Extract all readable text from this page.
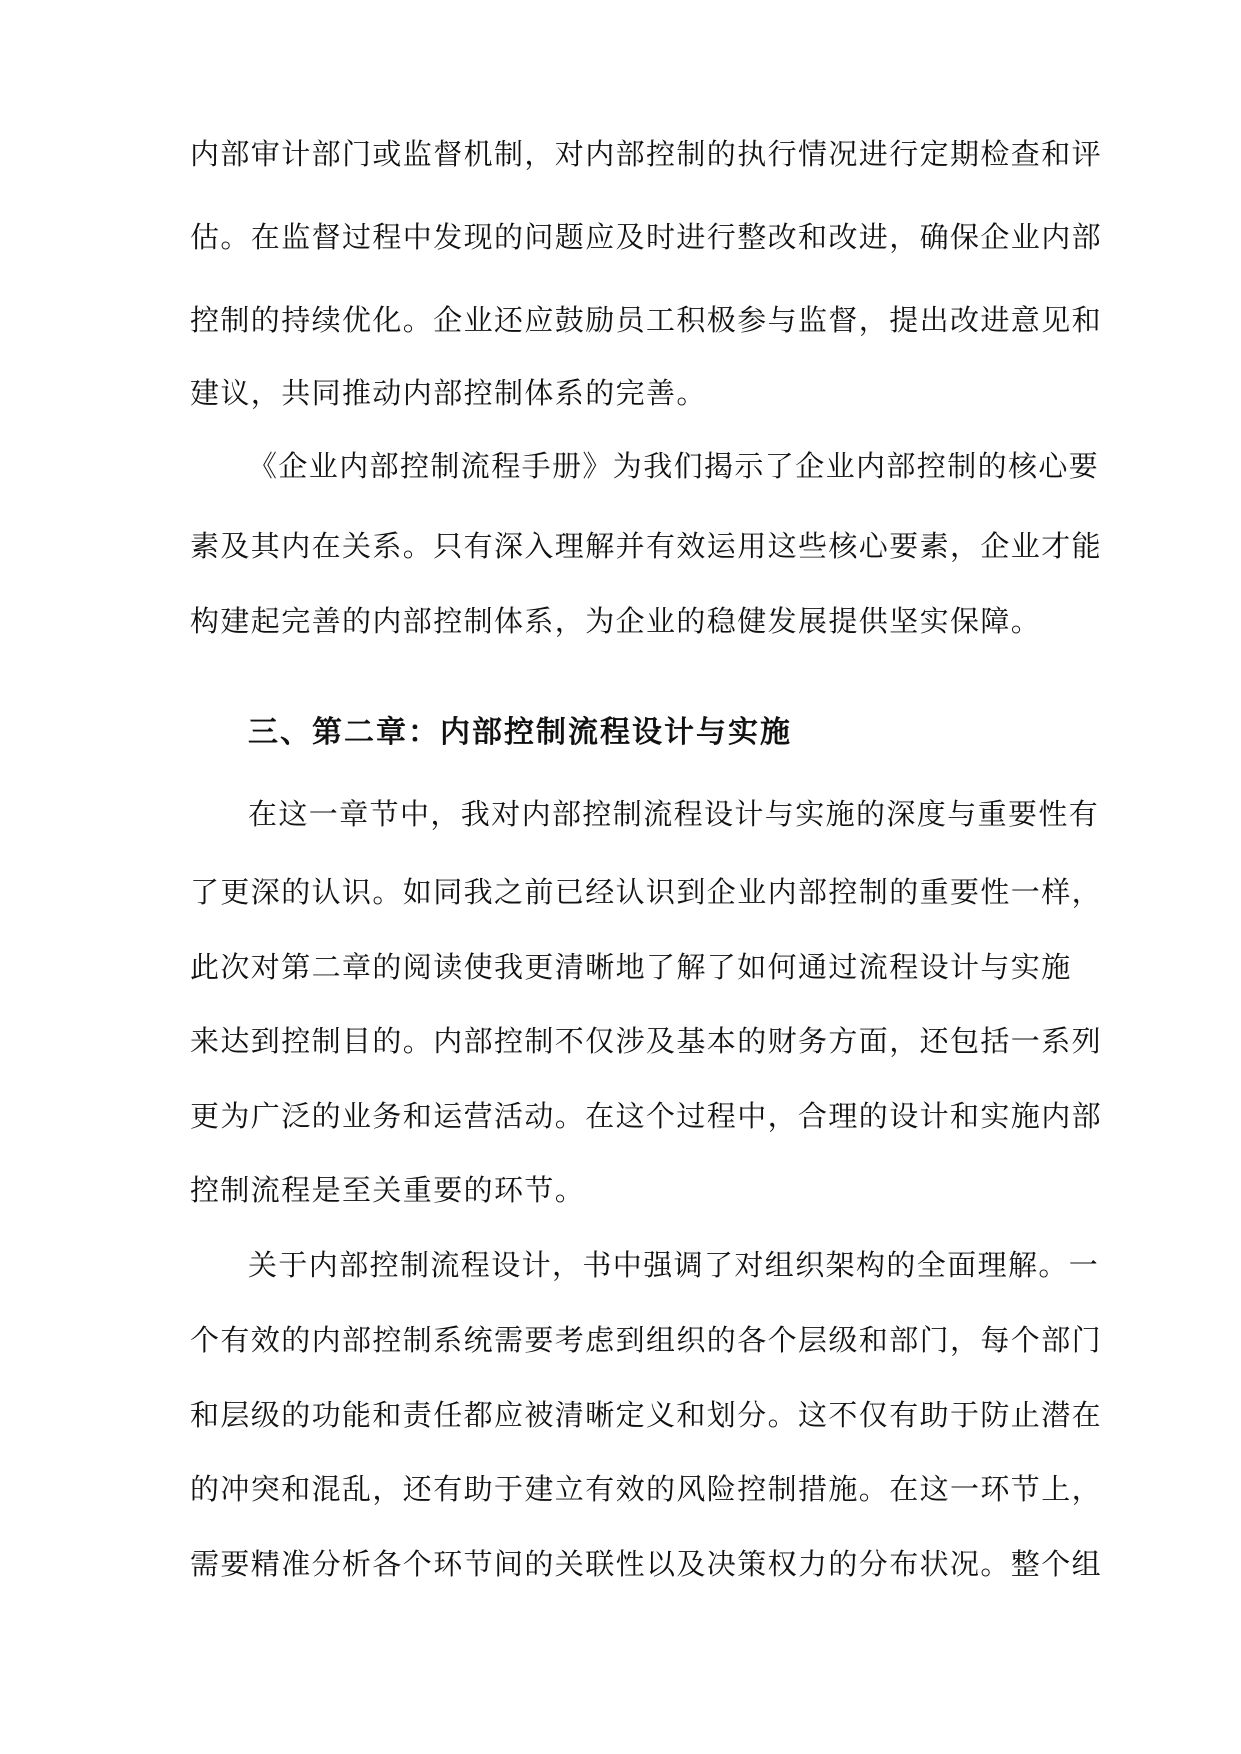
内部审计部门或监督机制，对内部控制的执行情况进行定期检查和评
估。在监督过程中发现的问题应及时进行整改和改进，确保企业内部
控制的持续优化。企业还应鼓励员工积极参与监督，提出改进意见和
建议，共同推动内部控制体系的完善。
《企业内部控制流程手册》为我们揭示了企业内部控制的核心要
素及其内在关系。只有深入理解并有效运用这些核心要素，企业才能
构建起完善的内部控制体系，为企业的稳健发展提供坚实保障。
三、第二章：内部控制流程设计与实施
在这一章节中，我对内部控制流程设计与实施的深度与重要性有
了更深的认识。如同我之前已经认识到企业内部控制的重要性一样，
此次对第二章的阅读使我更清晰地了解了如何通过流程设计与实施
来达到控制目的。内部控制不仅涉及基本的财务方面，还包括一系列
更为广泛的业务和运营活动。在这个过程中，合理的设计和实施内部
控制流程是至关重要的环节。
关于内部控制流程设计，书中强调了对组织架构的全面理解。一
个有效的内部控制系统需要考虑到组织的各个层级和部门，每个部门
和层级的功能和责任都应被清晰定义和划分。这不仅有助于防止潜在
的冲突和混乱，还有助于建立有效的风险控制措施。在这一环节上，
需要精准分析各个环节间的关联性以及决策权力的分布状况。整个组
